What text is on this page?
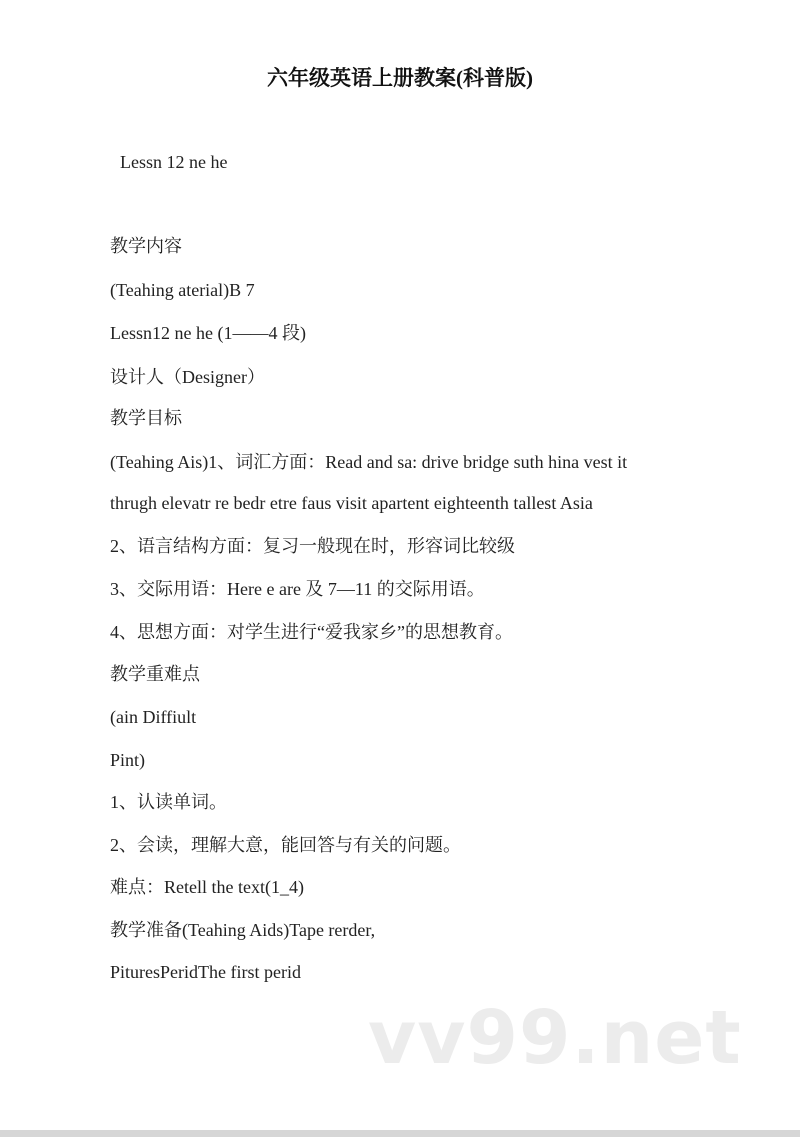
六年级英语上册教案(科普版)
Lessn 12 ne he
教学内容
(Teahing aterial)B 7
Lessn12 ne he (1——4 段)
设计人（Designer）
教学目标
(Teahing Ais)1、词汇方面：Read and sa: drive bridge suth hina vest it
thrugh elevatr re bedr etre faus visit apartent eighteenth tallest Asia
2、语言结构方面：复习一般现在时，形容词比较级
3、交际用语：Here e are 及 7—11 的交际用语。
4、思想方面：对学生进行“爱我家乡”的思想教育。
教学重难点
(ain Diffiult
Pint)
1、认读单词。
2、会读，理解大意，能回答与有关的问题。
难点：Retell the text(1_4)
教学准备(Teahing Aids)Tape rerder,
PituresPeridThe first perid
vv99.net
